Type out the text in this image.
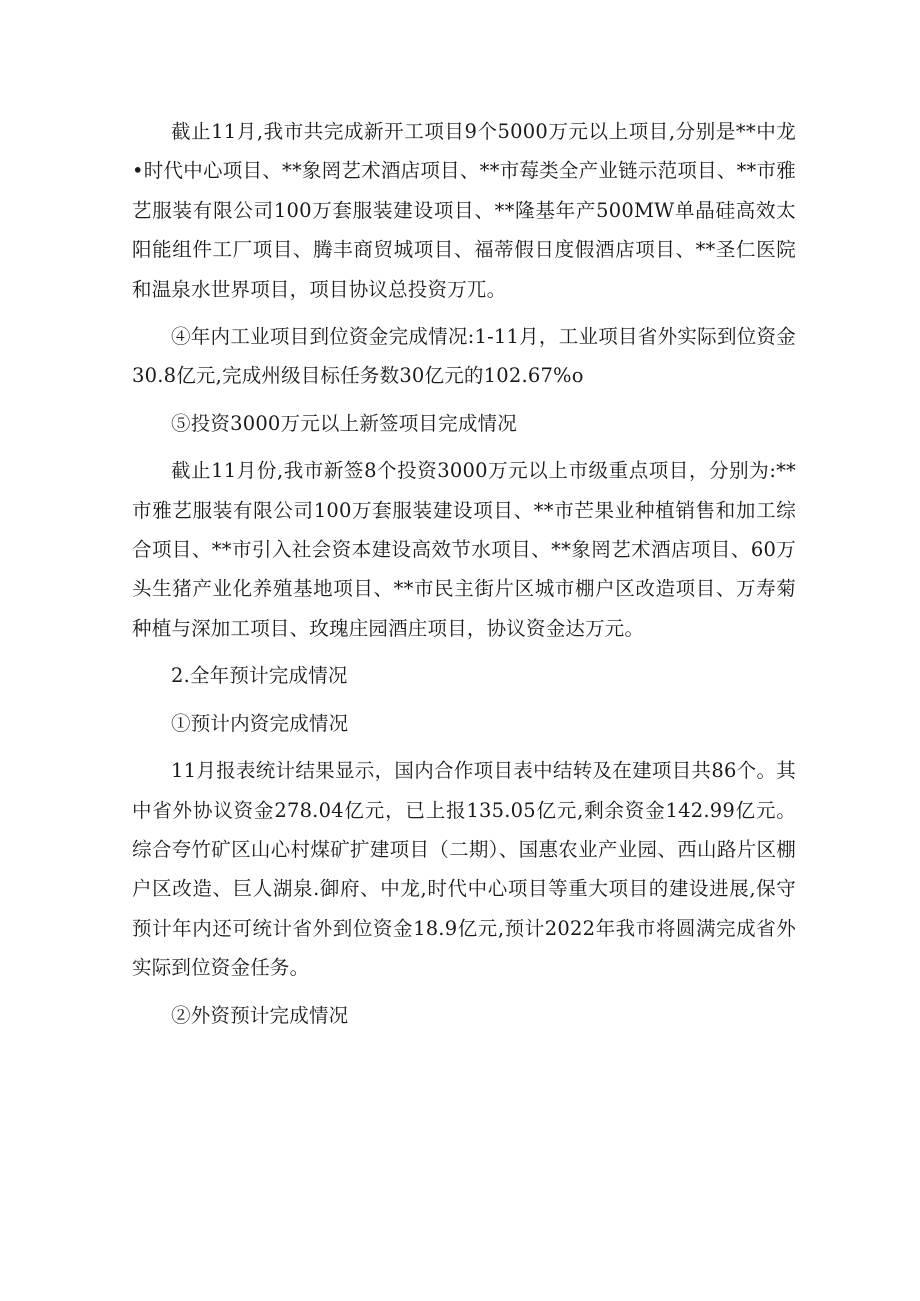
截止11月,我市共完成新开工项目9个5000万元以上项目,分别是**中龙•时代中心项目、**象罔艺术酒店项目、**市莓类全产业链示范项目、**市雅艺服装有限公司100万套服装建设项目、**隆基年产500MW单晶硅高效太阳能组件工厂项目、腾丰商贸城项目、福蒂假日度假酒店项目、**圣仁医院和温泉水世界项目，项目协议总投资万兀。

④年内工业项目到位资金完成情况:1-11月，工业项目省外实际到位资金30.8亿元,完成州级目标任务数30亿元的102.67%o

⑤投资3000万元以上新签项目完成情况

截止11月份,我市新签8个投资3000万元以上市级重点项目，分别为:**市雅艺服装有限公司100万套服装建设项目、**市芒果业种植销售和加工综合项目、**市引入社会资本建设高效节水项目、**象罔艺术酒店项目、60万头生猪产业化养殖基地项目、**市民主街片区城市棚户区改造项目、万寿菊种植与深加工项目、玫瑰庄园酒庄项目，协议资金达万元。

2.全年预计完成情况

①预计内资完成情况

11月报表统计结果显示，国内合作项目表中结转及在建项目共86个。其中省外协议资金278.04亿元，已上报135.05亿元,剩余资金142.99亿元。综合夸竹矿区山心村煤矿扩建项目（二期）、国惠农业产业园、西山路片区棚户区改造、巨人湖泉.御府、中龙,时代中心项目等重大项目的建设进展,保守预计年内还可统计省外到位资金18.9亿元,预计2022年我市将圆满完成省外实际到位资金任务。

②外资预计完成情况
